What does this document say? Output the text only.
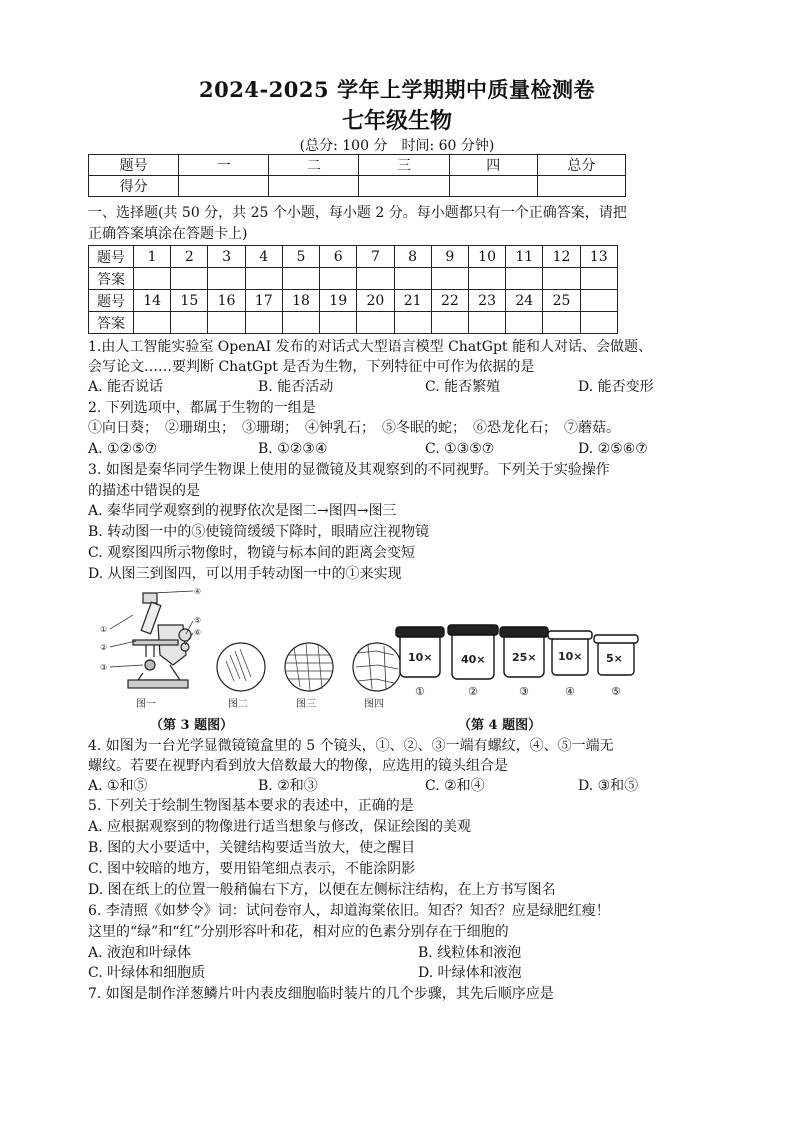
2024-2025 学年上学期期中质量检测卷
七年级生物
(总分: 100 分　时间: 60 分钟)
题号	一	二	三	四	总分
得分					
一、选择题(共 50 分，共 25 个小题，每小题 2 分。每小题都只有一个正确答案，请把
正确答案填涂在答题卡上)
题号	1	2	3	4	5	6	7	8	9	10	11	12	13
答案													
题号	14	15	16	17	18	19	20	21	22	23	24	25	
答案													
1.由人工智能实验室 OpenAI 发布的对话式大型语言模型 ChatGpt 能和人对话、会做题、
会写论文……要判断 ChatGpt 是否为生物，下列特征中可作为依据的是
A. 能否说话	B. 能否活动	C. 能否繁殖	D. 能否变形
2. 下列选项中，都属于生物的一组是
①向日葵；　②珊瑚虫；　③珊瑚；　④钟乳石；　⑤冬眠的蛇；　⑥恐龙化石；　⑦蘑菇。
A. ①②⑤⑦	B. ①②③④	C. ①③⑤⑦	D. ②⑤⑥⑦
3. 如图是秦华同学生物课上使用的显微镜及其观察到的不同视野。下列关于实验操作
的描述中错误的是
A. 秦华同学观察到的视野依次是图二→图四→图三
B. 转动图一中的⑤使镜筒缓缓下降时，眼睛应注视物镜
C. 观察图四所示物像时，物镜与标本间的距离会变短
D. 从图三到图四，可以用手转动图一中的①来实现
④
⑤
⑥
①
②
③
图一	图二	图三	图四
10×	40× 25× 10× 5×
①	②	③	④	⑤
（第 3 题图）	（第 4 题图）
4. 如图为一台光学显微镜镜盒里的 5 个镜头，①、②、③一端有螺纹，④、⑤一端无
螺纹。若要在视野内看到放大倍数最大的物像，应选用的镜头组合是
A. ①和⑤	B. ②和③	C. ②和④	D. ③和⑤
5. 下列关于绘制生物图基本要求的表述中，正确的是
A. 应根据观察到的物像进行适当想象与修改，保证绘图的美观
B. 图的大小要适中，关键结构要适当放大，使之醒目
C. 图中较暗的地方，要用铅笔细点表示，不能涂阴影
D. 图在纸上的位置一般稍偏右下方，以便在左侧标注结构，在上方书写图名
6. 李清照《如梦令》词：试问卷帘人，却道海棠依旧。知否？知否？应是绿肥红瘦！
这里的“绿”和“红”分别形容叶和花，相对应的色素分别存在于细胞的
A. 液泡和叶绿体	B. 线粒体和液泡
C. 叶绿体和细胞质	D. 叶绿体和液泡
7. 如图是制作洋葱鳞片叶内表皮细胞临时装片的几个步骤，其先后顺序应是
